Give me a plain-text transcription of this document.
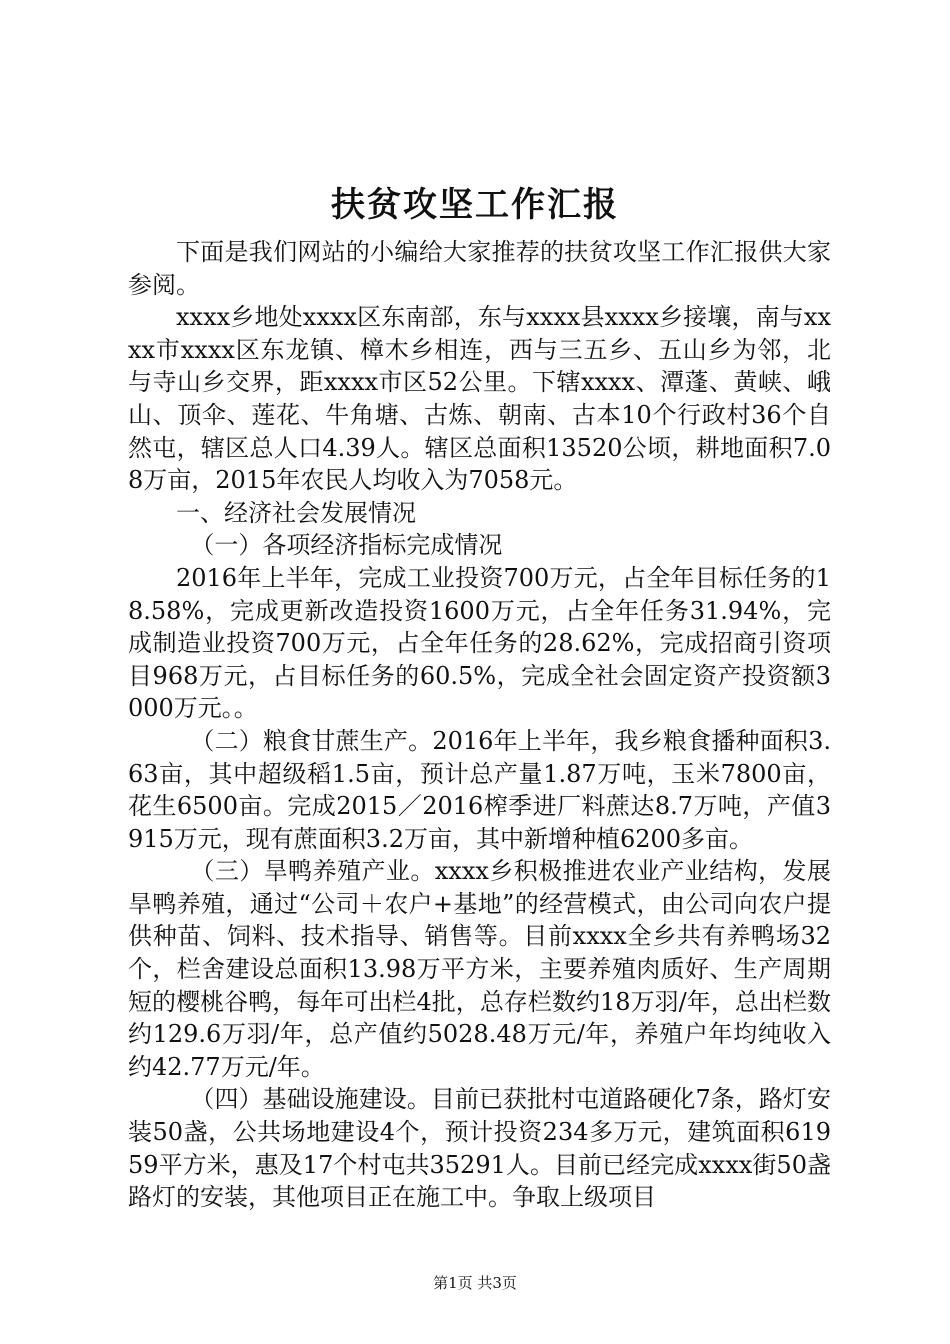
扶贫攻坚工作汇报

下面是我们网站的小编给大家推荐的扶贫攻坚工作汇报供大家参阅。

xxxx乡地处xxxx区东南部，东与xxxx县xxxx乡接壤，南与xxxx市xxxx区东龙镇、樟木乡相连，西与三五乡、五山乡为邻，北与寺山乡交界，距xxxx市区52公里。下辖xxxx、潭蓬、黄峡、峨山、顶伞、莲花、牛角塘、古炼、朝南、古本10个行政村36个自然屯，辖区总人口4.39人。辖区总面积13520公顷，耕地面积7.08万亩，2015年农民人均收入为7058元。

一、经济社会发展情况

（一）各项经济指标完成情况

2016年上半年，完成工业投资700万元，占全年目标任务的18.58%，完成更新改造投资1600万元，占全年任务31.94%，完成制造业投资700万元，占全年任务的28.62%，完成招商引资项目968万元，占目标任务的60.5%，完成全社会固定资产投资额3000万元。。

（二）粮食甘蔗生产。2016年上半年，我乡粮食播种面积3.63亩，其中超级稻1.5亩，预计总产量1.87万吨，玉米7800亩，花生6500亩。完成2015／2016榨季进厂料蔗达8.7万吨，产值3915万元，现有蔗面积3.2万亩，其中新增种植6200多亩。

（三）旱鸭养殖产业。xxxx乡积极推进农业产业结构，发展旱鸭养殖，通过“公司＋农户+基地”的经营模式，由公司向农户提供种苗、饲料、技术指导、销售等。目前xxxx全乡共有养鸭场32个，栏舍建设总面积13.98万平方米，主要养殖肉质好、生产周期短的樱桃谷鸭，每年可出栏4批，总存栏数约18万羽/年，总出栏数约129.6万羽/年，总产值约5028.48万元/年，养殖户年均纯收入约42.77万元/年。

（四）基础设施建设。目前已获批村屯道路硬化7条，路灯安装50盏，公共场地建设4个，预计投资234多万元，建筑面积61959平方米，惠及17个村屯共35291人。目前已经完成xxxx街50盏路灯的安装，其他项目正在施工中。争取上级项目

第1页 共3页
